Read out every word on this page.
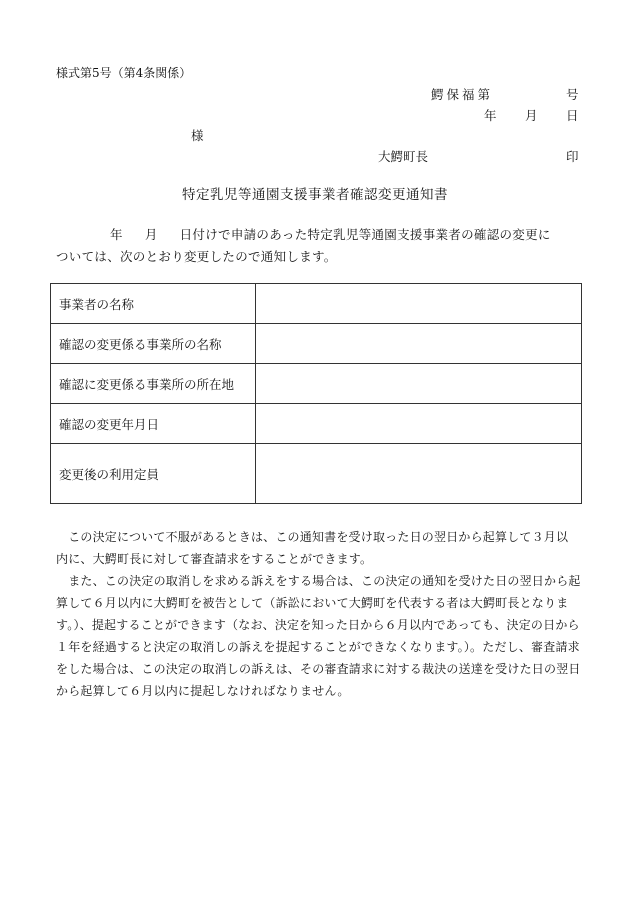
様式第5号（第4条関係）
鰐保福第	号
年 月 日
様
大鰐町長	印
特定乳児等通園支援事業者確認変更通知書
年 月 日付けで申請のあった特定乳児等通園支援事業者の確認の変更に
ついては、次のとおり変更したので通知します。
事業者の名称	
確認の変更係る事業所の名称	
確認に変更係る事業所の所在地	
確認の変更年月日	
変更後の利用定員	
　この決定について不服があるときは、この通知書を受け取った日の翌日から起算して３月以
内に、大鰐町長に対して審査請求をすることができます。
　また、この決定の取消しを求める訴えをする場合は、この決定の通知を受けた日の翌日から起
算して６月以内に大鰐町を被告として（訴訟において大鰐町を代表する者は大鰐町長となりま
す。）、提起することができます（なお、決定を知った日から６月以内であっても、決定の日から
１年を経過すると決定の取消しの訴えを提起することができなくなります。）。ただし、審査請求
をした場合は、この決定の取消しの訴えは、その審査請求に対する裁決の送達を受けた日の翌日
から起算して６月以内に提起しなければなりません。
